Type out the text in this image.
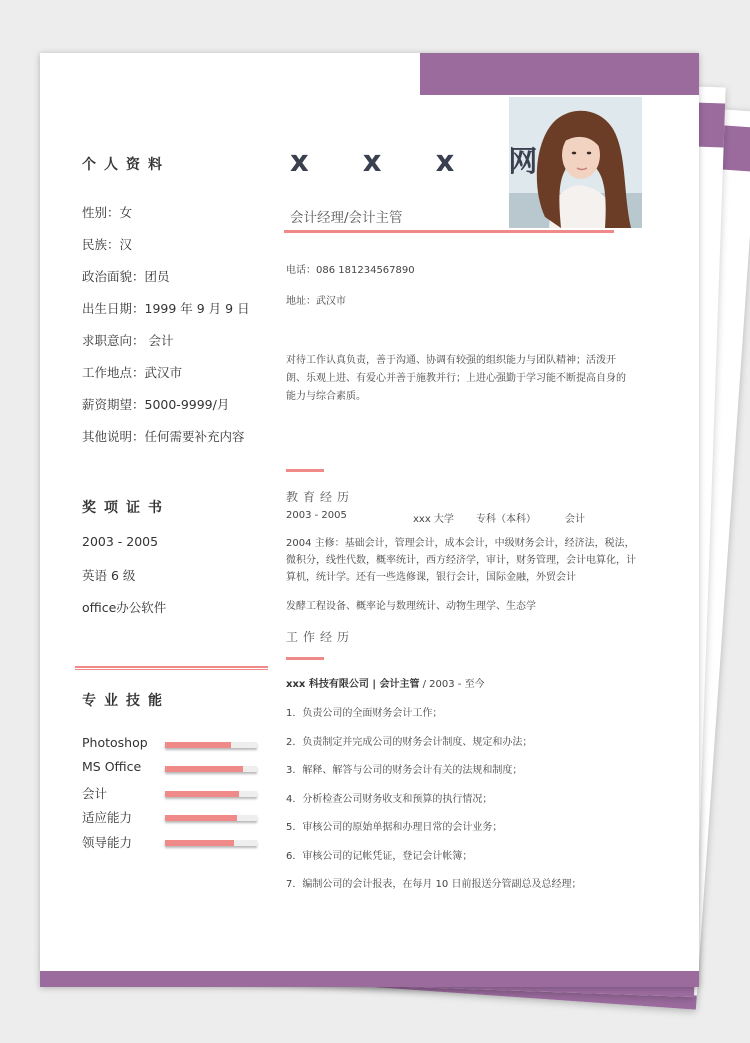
x x x 网
会计经理/会计主管
电话：086 181234567890
地址：武汉市
对待工作认真负责，善于沟通、协调有较强的组织能力与团队精神；活泼开朗、乐观上进、有爱心并善于施教并行；上进心强勤于学习能不断提高自身的能力与综合素质。
教育经历
2003 - 2005	xxx 大学 专科（本科）	会计
2004 主修：基础会计，管理会计，成本会计，中级财务会计，经济法，税法，微积分，线性代数，概率统计，西方经济学，审计，财务管理，会计电算化，计算机，统计学。还有一些选修课，银行会计，国际金融，外贸会计
发酵工程设备、概率论与数理统计、动物生理学、生态学
工作经历
xxx 科技有限公司 | 会计主管 / 2003 - 至今
1．负责公司的全面财务会计工作；
2．负责制定并完成公司的财务会计制度、规定和办法；
3．解释、解答与公司的财务会计有关的法规和制度；
4．分析检查公司财务收支和预算的执行情况；
5．审核公司的原始单据和办理日常的会计业务；
6．审核公司的记帐凭证，登记会计帐簿；
7．编制公司的会计报表，在每月 10 日前报送分管副总及总经理；
个人资料
性别：女
民族：汉
政治面貌：团员
出生日期：1999 年 9 月 9 日
求职意向： 会计
工作地点：武汉市
薪资期望：5000-9999/月
其他说明：任何需要补充内容
奖项证书
2003 - 2005
英语 6 级
office办公软件
专业技能
Photoshop
MS Office
会计
适应能力
领导能力
